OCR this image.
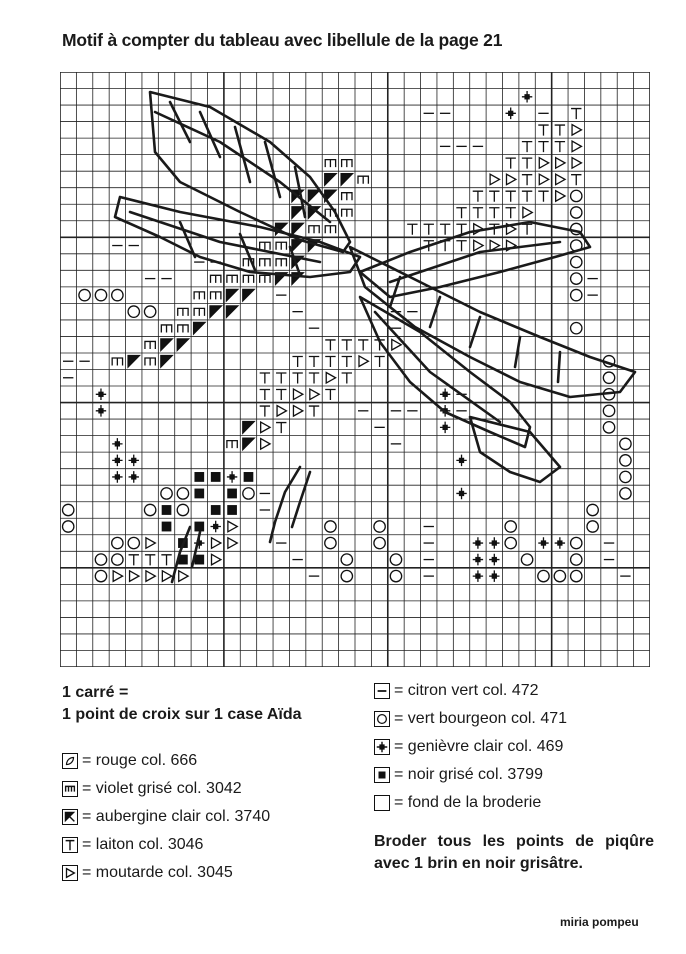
Motif à compter du tableau avec libellule de la page 21
1 carré =
1 point de croix sur 1 case Aïda
= rouge col. 666
= violet grisé col. 3042
= aubergine clair col. 3740
= laiton col. 3046
= moutarde col. 3045
= citron vert col. 472
= vert bourgeon col. 471
= genièvre clair col. 469
= noir grisé col. 3799
= fond de la broderie
Broder tous les points de piqûre avec 1 brin en noir grisâtre.
miria pompeu
